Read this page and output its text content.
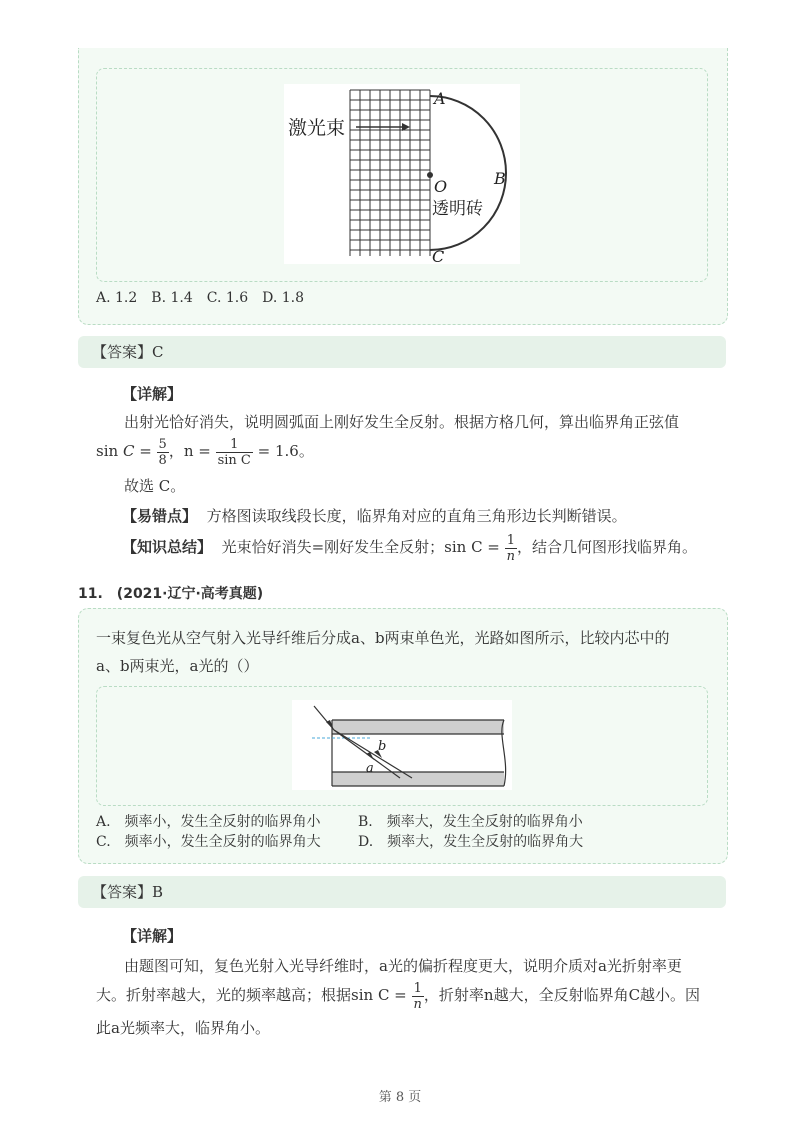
激光束
A
B
C
O
透明砖
A. 1.2　B. 1.4　C. 1.6　D. 1.8
【答案】C
【详解】
出射光恰好消失，说明圆弧面上刚好发生全反射。根据方格几何，算出临界角正弦值
$\sin C = \frac{5}{8}$ ，$n = \frac{1}{\text{sin C}} = 1.6$。
故选 C。
【易错点】 方格图读取线段长度，临界角对应的直角三角形边长判断错误。
【知识总结】 光束恰好消失=刚好发生全反射；$\sin C = \frac{1}{n}$ ，结合几何图形找临界角。
11.　(2021·辽宁·高考真题)
一束复色光从空气射入光导纤维后分成a、b两束单色光，光路如图所示，比较内芯中的
a、b两束光，a光的（）
b
a
A.　频率小，发生全反射的临界角小	B.　频率大，发生全反射的临界角小
C.　频率小，发生全反射的临界角大	D.　频率大，发生全反射的临界角大
【答案】B
【详解】
由题图可知，复色光射入光导纤维时，a光的偏折程度更大，说明介质对a光折射率更
大。折射率越大，光的频率越高；根据$\sin C = \frac{1}{n}$ ，折射率n越大，全反射临界角C越小。因
此a光频率大，临界角小。
第 8 页
